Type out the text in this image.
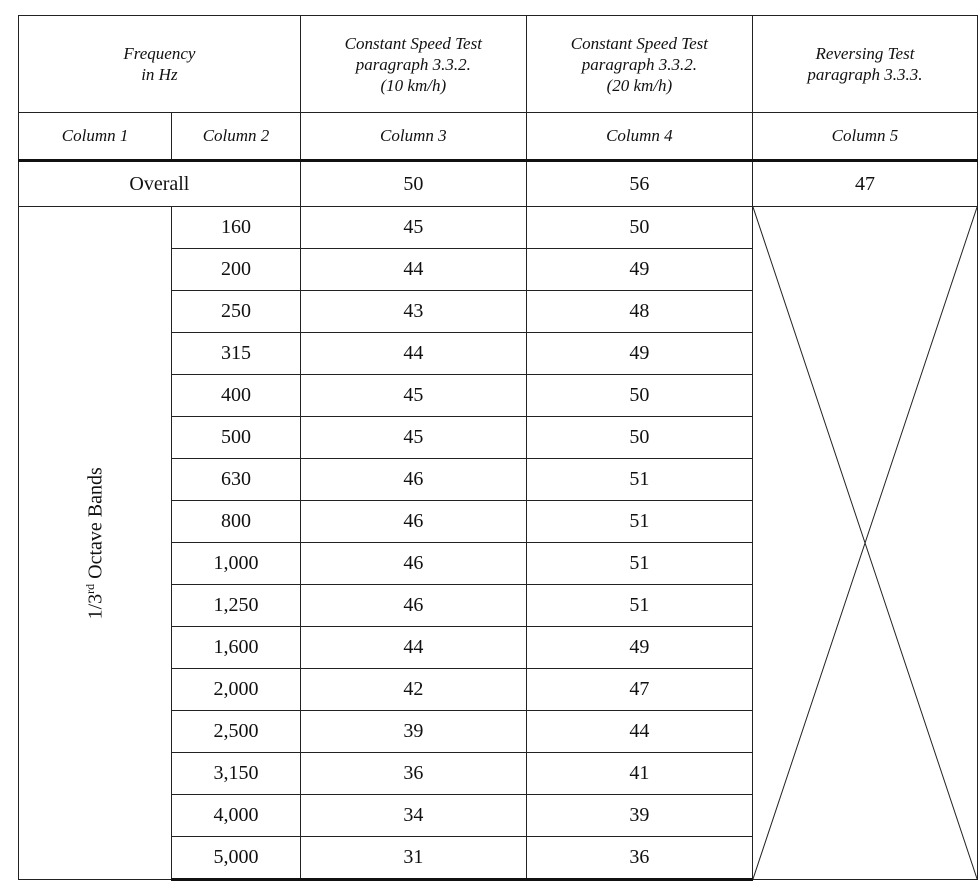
Frequency
in Hz		Constant Speed Test
paragraph 3.3.2.
(10 km/h)	Constant Speed Test
paragraph 3.3.2.
(20 km/h)	Reversing Test
paragraph 3.3.3.

Column 1	Column 2	Column 3	Column 4	Column 5
Overall		50	56	47
1/3rd Octave Bands	160	45	50	

	200	44	49	
	250	43	48	
	315	44	49	
	400	45	50	
	500	45	50	
	630	46	51	
	800	46	51	
	1,000	46	51	
	1,250	46	51	
	1,600	44	49	
	2,000	42	47	
	2,500	39	44	
	3,150	36	41	
	4,000	34	39	
	5,000	31	36	
